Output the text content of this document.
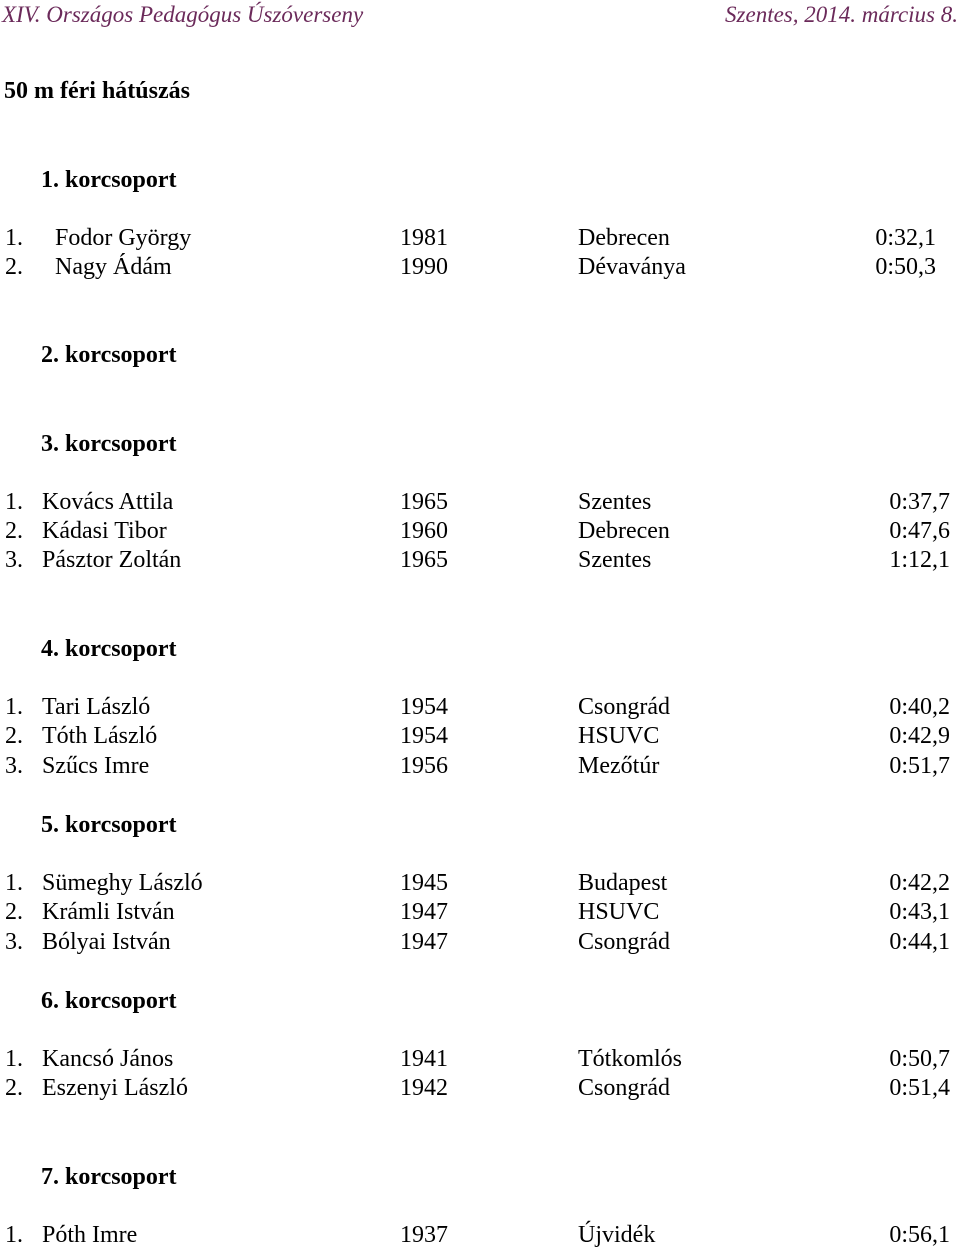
XIV. Országos Pedagógus Úszóverseny	Szentes, 2014. március 8.
50 m féri hátúszás
1. korcsoport
1. Fodor György	1981	Debrecen	0:32,1
2. Nagy Ádám	1990	Dévaványa	0:50,3
2. korcsoport
3. korcsoport
1. Kovács Attila	1965	Szentes	0:37,7
2. Kádasi Tibor	1960	Debrecen	0:47,6
3. Pásztor Zoltán	1965	Szentes	1:12,1
4. korcsoport
1. Tari László	1954	Csongrád	0:40,2
2. Tóth László	1954	HSUVC	0:42,9
3. Szűcs Imre	1956	Mezőtúr	0:51,7
5. korcsoport
1. Sümeghy László	1945	Budapest	0:42,2
2. Krámli István	1947	HSUVC	0:43,1
3. Bólyai István	1947	Csongrád	0:44,1
6. korcsoport
1. Kancsó János	1941	Tótkomlós	0:50,7
2. Eszenyi László	1942	Csongrád	0:51,4
7. korcsoport
1. Póth Imre	1937	Újvidék	0:56,1
